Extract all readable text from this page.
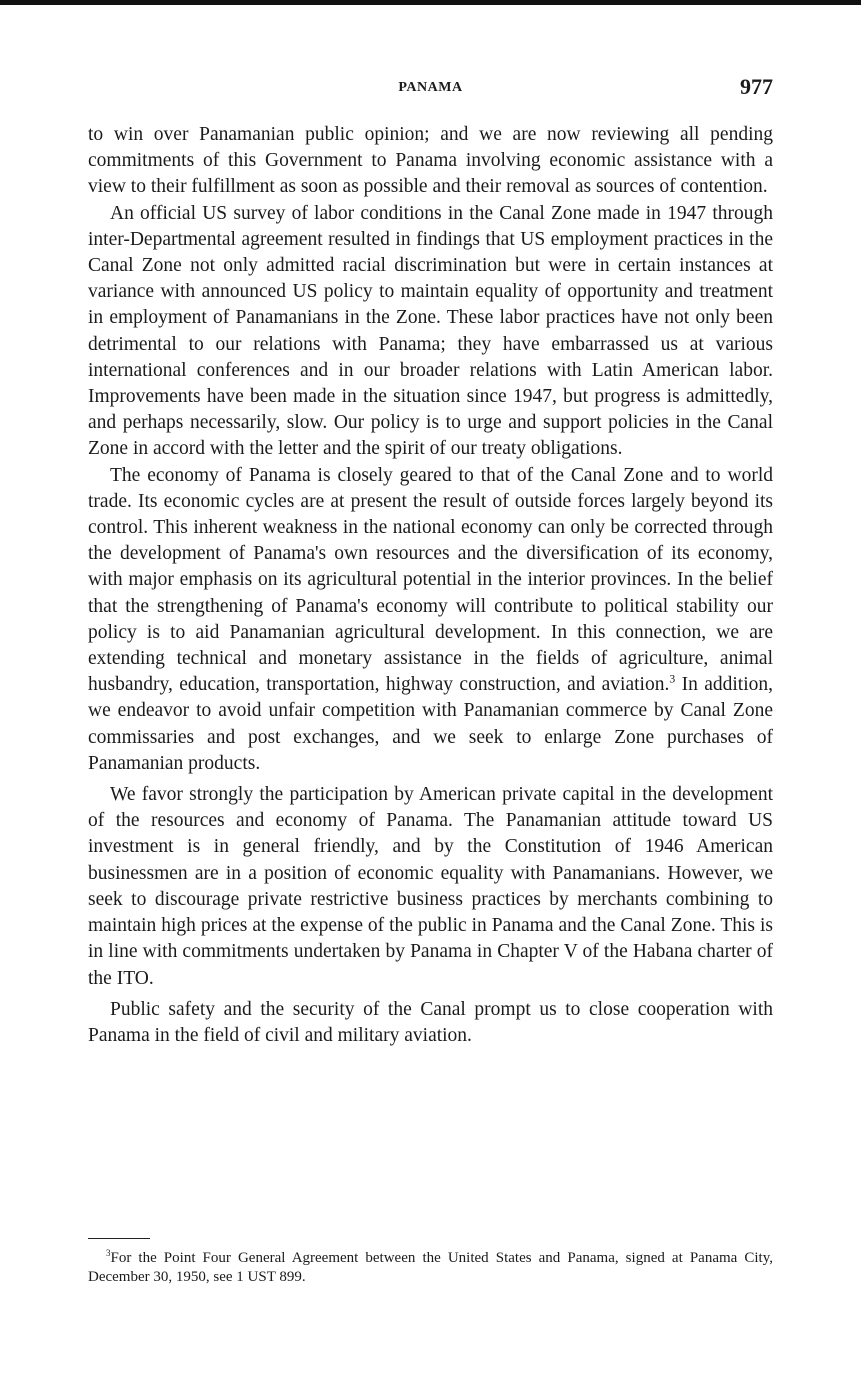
PANAMA	977

to win over Panamanian public opinion; and we are now reviewing all pending commitments of this Government to Panama involving economic assistance with a view to their fulfillment as soon as possible and their removal as sources of contention.

An official US survey of labor conditions in the Canal Zone made in 1947 through inter-Departmental agreement resulted in findings that US employment practices in the Canal Zone not only admitted racial discrimination but were in certain instances at variance with announced US policy to maintain equality of opportunity and treatment in employment of Panamanians in the Zone. These labor practices have not only been detrimental to our relations with Panama; they have embarrassed us at various international conferences and in our broader relations with Latin American labor. Improvements have been made in the situation since 1947, but progress is admittedly, and perhaps necessarily, slow. Our policy is to urge and support policies in the Canal Zone in accord with the letter and the spirit of our treaty obligations.

The economy of Panama is closely geared to that of the Canal Zone and to world trade. Its economic cycles are at present the result of outside forces largely beyond its control. This inherent weakness in the national economy can only be corrected through the development of Panama's own resources and the diversification of its economy, with major emphasis on its agricultural potential in the interior provinces. In the belief that the strengthening of Panama's economy will contribute to political stability our policy is to aid Panamanian agricultural development. In this connection, we are extending technical and monetary assistance in the fields of agriculture, animal husbandry, education, transportation, highway construction, and aviation.$^3$ In addition, we endeavor to avoid unfair competition with Panamanian commerce by Canal Zone commissaries and post exchanges, and we seek to enlarge Zone purchases of Panamanian products.

We favor strongly the participation by American private capital in the development of the resources and economy of Panama. The Panamanian attitude toward US investment is in general friendly, and by the Constitution of 1946 American businessmen are in a position of economic equality with Panamanians. However, we seek to discourage private restrictive business practices by merchants combining to maintain high prices at the expense of the public in Panama and the Canal Zone. This is in line with commitments undertaken by Panama in Chapter V of the Habana charter of the ITO.

Public safety and the security of the Canal prompt us to close cooperation with Panama in the field of civil and military aviation.

$^3$For the Point Four General Agreement between the United States and Panama, signed at Panama City, December 30, 1950, see 1 UST 899.
